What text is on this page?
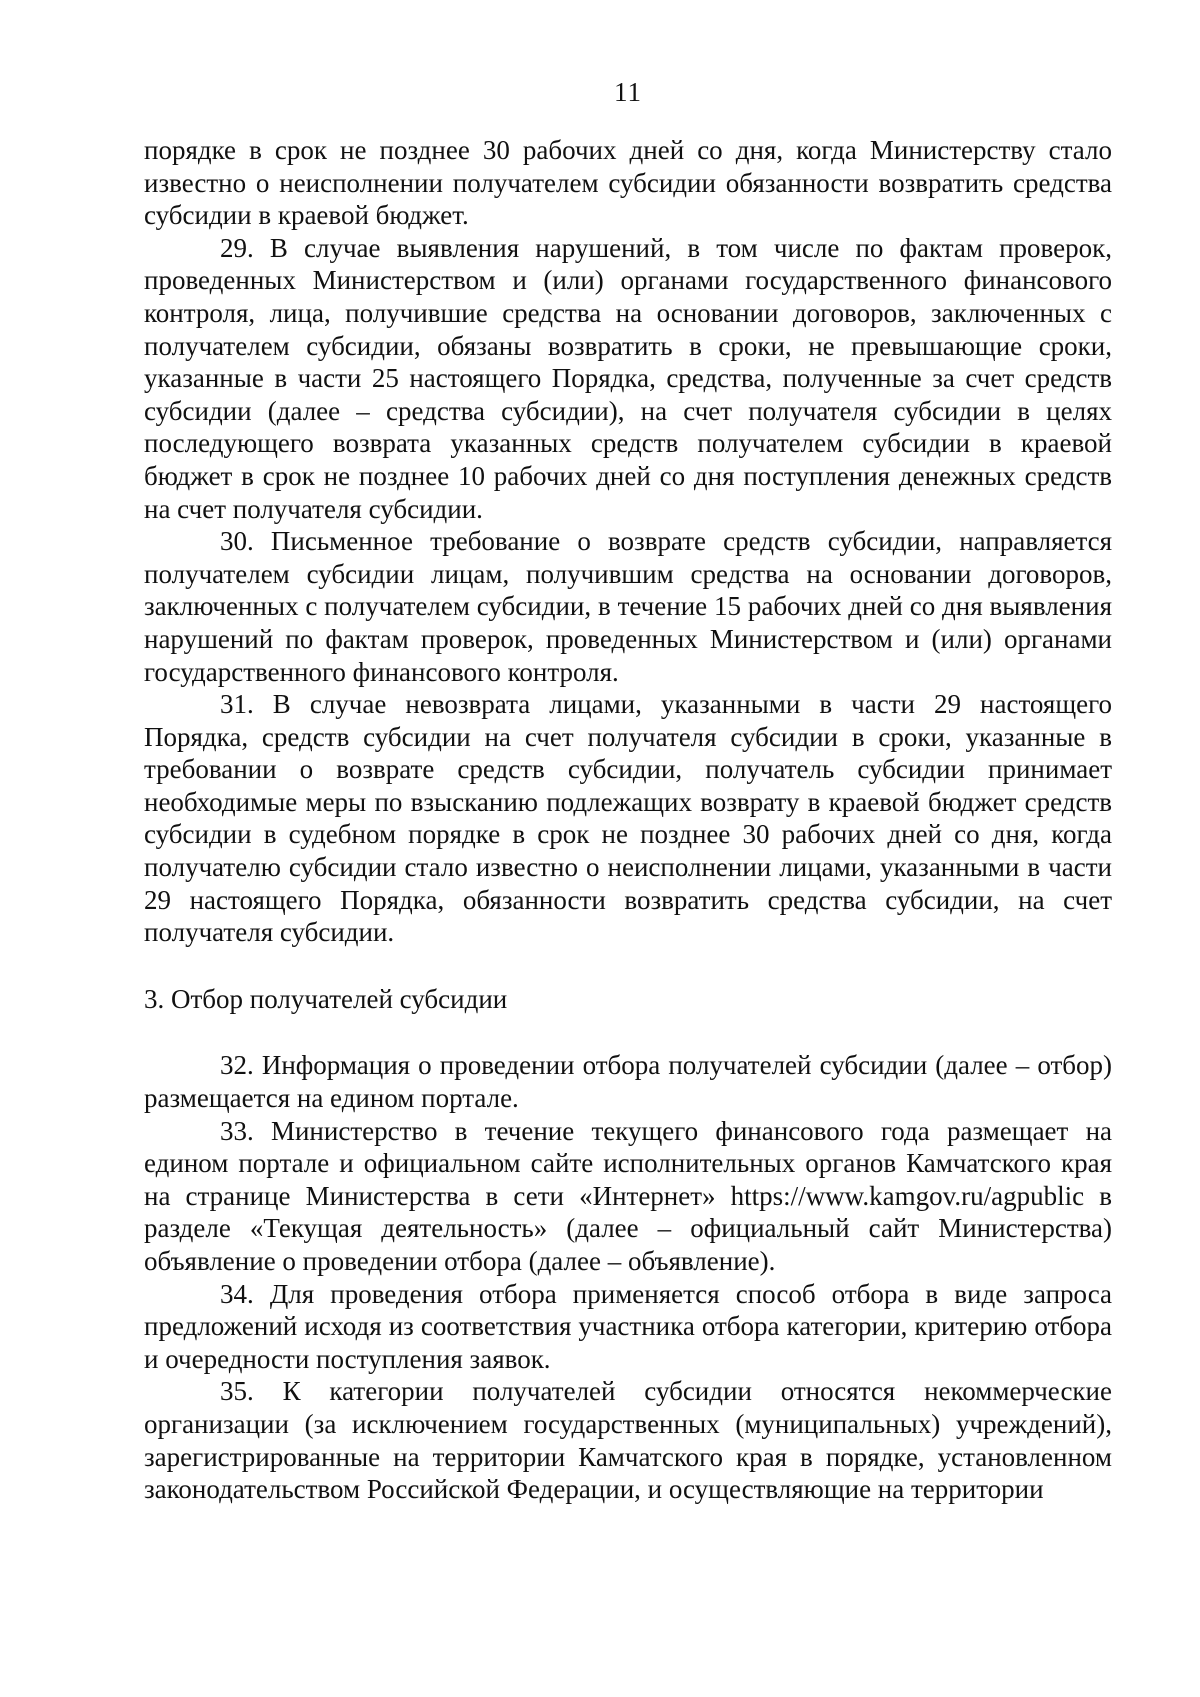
11

порядке в срок не позднее 30 рабочих дней со дня, когда Министерству стало известно о неисполнении получателем субсидии обязанности возвратить средства субсидии в краевой бюджет.

29. В случае выявления нарушений, в том числе по фактам проверок, проведенных Министерством и (или) органами государственного финансового контроля, лица, получившие средства на основании договоров, заключенных с получателем субсидии, обязаны возвратить в сроки, не превышающие сроки, указанные в части 25 настоящего Порядка, средства, полученные за счет средств субсидии (далее – средства субсидии), на счет получателя субсидии в целях последующего возврата указанных средств получателем субсидии в краевой бюджет в срок не позднее 10 рабочих дней со дня поступления денежных средств на счет получателя субсидии.

30. Письменное требование о возврате средств субсидии, направляется получателем субсидии лицам, получившим средства на основании договоров, заключенных с получателем субсидии, в течение 15 рабочих дней со дня выявления нарушений по фактам проверок, проведенных Министерством и (или) органами государственного финансового контроля.

31. В случае невозврата лицами, указанными в части 29 настоящего Порядка, средств субсидии на счет получателя субсидии в сроки, указанные в требовании о возврате средств субсидии, получатель субсидии принимает необходимые меры по взысканию подлежащих возврату в краевой бюджет средств субсидии в судебном порядке в срок не позднее 30 рабочих дней со дня, когда получателю субсидии стало известно о неисполнении лицами, указанными в части 29 настоящего Порядка, обязанности возвратить средства субсидии, на счет получателя субсидии.

3. Отбор получателей субсидии

32. Информация о проведении отбора получателей субсидии (далее – отбор) размещается на едином портале.

33. Министерство в течение текущего финансового года размещает на едином портале и официальном сайте исполнительных органов Камчатского края на странице Министерства в сети «Интернет» https://www.kamgov.ru/agpublic в разделе «Текущая деятельность» (далее – официальный сайт Министерства) объявление о проведении отбора (далее – объявление).

34. Для проведения отбора применяется способ отбора в виде запроса предложений исходя из соответствия участника отбора категории, критерию отбора и очередности поступления заявок.

35. К категории получателей субсидии относятся некоммерческие организации (за исключением государственных (муниципальных) учреждений), зарегистрированные на территории Камчатского края в порядке, установленном законодательством Российской Федерации, и осуществляющие на территории
